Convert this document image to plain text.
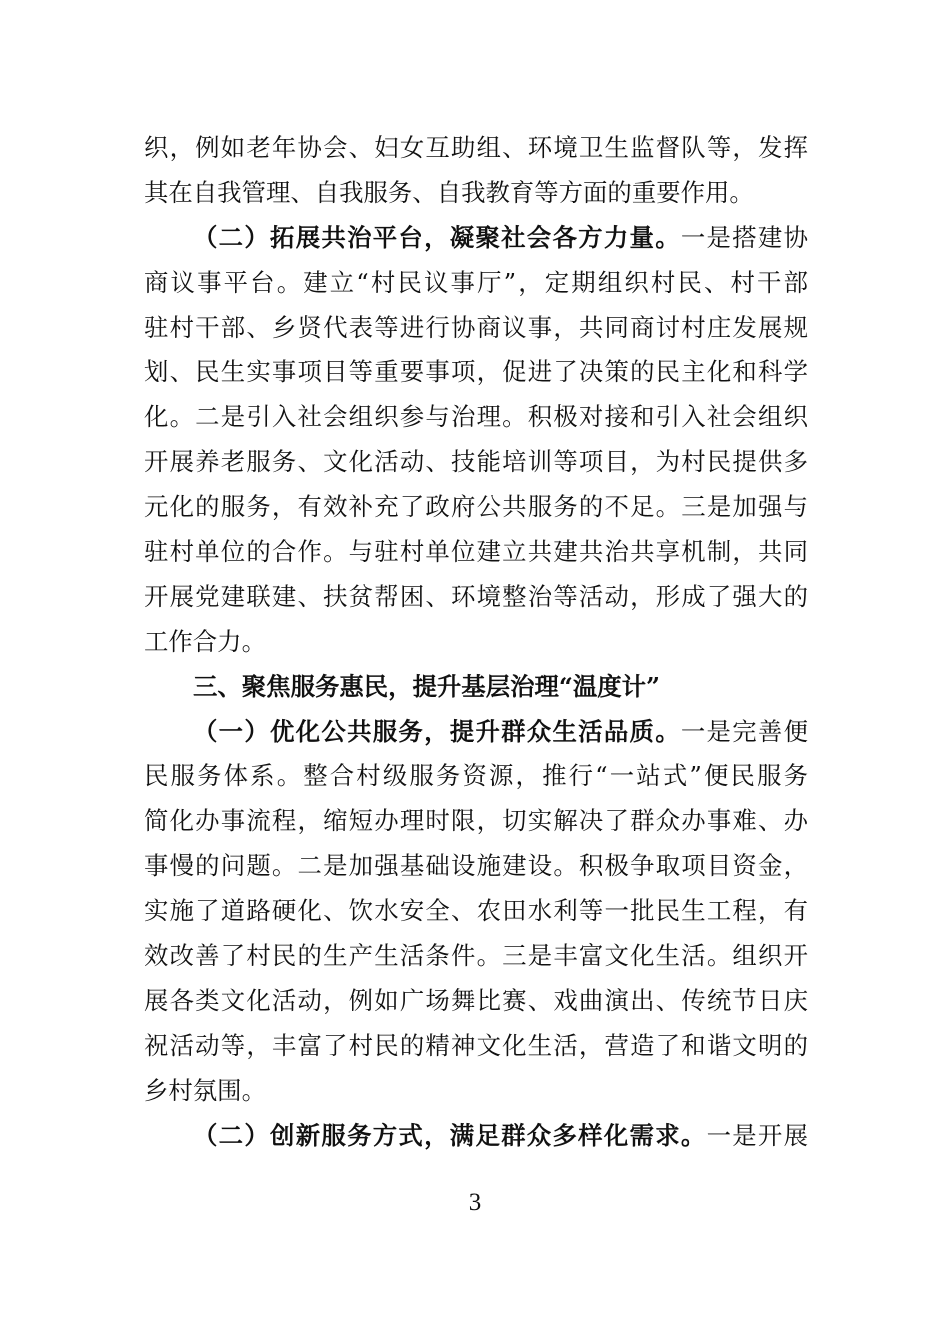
织，例如老年协会、妇女互助组、环境卫生监督队等，发挥
其在自我管理、自我服务、自我教育等方面的重要作用。
（二）拓展共治平台，凝聚社会各方力量。一是搭建协
商议事平台。建立“村民议事厅”，定期组织村民、村干部
驻村干部、乡贤代表等进行协商议事，共同商讨村庄发展规
划、民生实事项目等重要事项，促进了决策的民主化和科学
化。二是引入社会组织参与治理。积极对接和引入社会组织
开展养老服务、文化活动、技能培训等项目，为村民提供多
元化的服务，有效补充了政府公共服务的不足。三是加强与
驻村单位的合作。与驻村单位建立共建共治共享机制，共同
开展党建联建、扶贫帮困、环境整治等活动，形成了强大的
工作合力。
三、聚焦服务惠民，提升基层治理“温度计”
（一）优化公共服务，提升群众生活品质。一是完善便
民服务体系。整合村级服务资源，推行“一站式”便民服务
简化办事流程，缩短办理时限，切实解决了群众办事难、办
事慢的问题。二是加强基础设施建设。积极争取项目资金，
实施了道路硬化、饮水安全、农田水利等一批民生工程，有
效改善了村民的生产生活条件。三是丰富文化生活。组织开
展各类文化活动，例如广场舞比赛、戏曲演出、传统节日庆
祝活动等，丰富了村民的精神文化生活，营造了和谐文明的
乡村氛围。
（二）创新服务方式，满足群众多样化需求。一是开展
3
